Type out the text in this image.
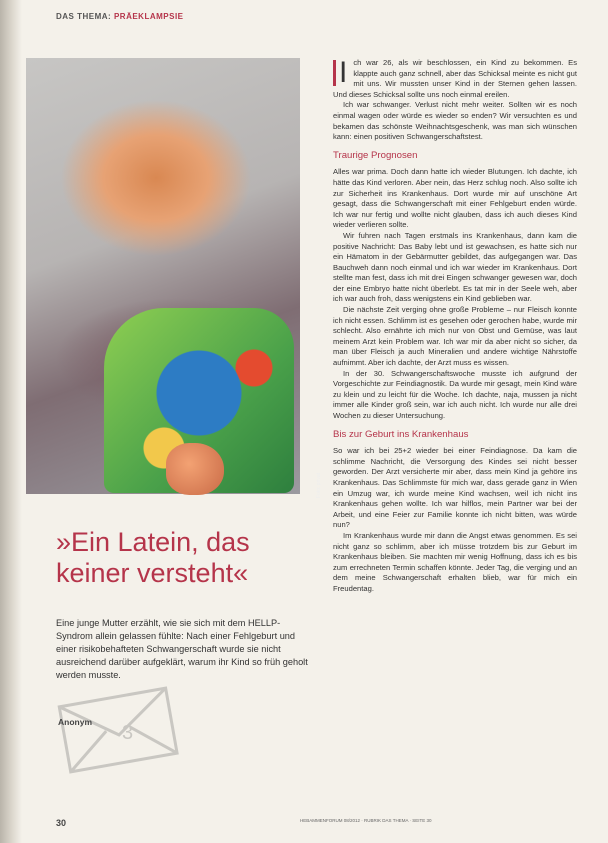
DAS THEMA: PRÄEKLAMPSIE
Foto: privat
»Ein Latein, das keiner versteht«
Eine junge Mutter erzählt, wie sie sich mit dem HELLP-Syndrom allein gelassen fühlte: Nach einer Fehlgeburt und einer risikobehafteten Schwangerschaft wurde sie nicht ausreichend darüber aufgeklärt, warum ihr Kind so früh geholt werden musste.
3
Anonym

I ch war 26, als wir beschlossen, ein Kind zu bekommen. Es klappte auch ganz schnell, aber das Schicksal meinte es nicht gut mit uns. Wir mussten unser Kind in der Sternen gehen lassen. Und dieses Schicksal sollte uns noch einmal ereilen.

Ich war schwanger. Verlust nicht mehr weiter. Sollten wir es noch einmal wagen oder würde es wieder so enden? Wir versuchten es und bekamen das schönste Weihnachtsgeschenk, was man sich wünschen kann: einen positiven Schwangerschaftstest.

Traurige Prognosen

Alles war prima. Doch dann hatte ich wieder Blutungen. Ich dachte, ich hätte das Kind verloren. Aber nein, das Herz schlug noch. Also sollte ich zur Sicherheit ins Krankenhaus. Dort wurde mir auf unschöne Art gesagt, dass die Schwangerschaft mit einer Fehlgeburt enden würde. Ich war nur fertig und wollte nicht glauben, dass ich auch dieses Kind wieder verlieren sollte.

Wir fuhren nach Tagen erstmals ins Krankenhaus, dann kam die positive Nachricht: Das Baby lebt und ist gewachsen, es hatte sich nur ein Hämatom in der Gebärmutter gebildet, das aufgegangen war. Das Bauchweh dann noch einmal und ich war wieder im Krankenhaus. Dort stellte man fest, dass ich mit drei Eingen schwanger gewesen war, doch der eine Embryo hatte nicht überlebt. Es tat mir in der Seele weh, aber ich war auch froh, dass wenigstens ein Kind geblieben war.

Die nächste Zeit verging ohne große Probleme – nur Fleisch konnte ich nicht essen. Schlimm ist es gesehen oder gerochen habe, wurde mir schlecht. Also ernährte ich mich nur von Obst und Gemüse, was laut meinem Arzt kein Problem war. Ich war mir da aber nicht so sicher, da man über Fleisch ja auch Mineralien und andere wichtige Nährstoffe aufnimmt. Aber ich dachte, der Arzt muss es wissen.

In der 30. Schwangerschaftswoche musste ich aufgrund der Vorgeschichte zur Feindiagnostik. Da wurde mir gesagt, mein Kind wäre zu klein und zu leicht für die Woche. Ich dachte, naja, mussen ja nicht immer alle Kinder groß sein, war ich auch nicht. Ich wurde nur alle drei Wochen zu dieser Untersuchung.

Bis zur Geburt ins Krankenhaus

So war ich bei 25+2 wieder bei einer Feindiagnose. Da kam die schlimme Nachricht, die Versorgung des Kindes sei nicht besser geworden. Der Arzt versicherte mir aber, dass mein Kind ja gehöre ins Krankenhaus. Das Schlimmste für mich war, dass gerade ganz in Wien ein Umzug war, ich wurde meine Kind wachsen, weil ich nicht ins Krankenhaus gehen wollte. Ich war hilflos, mein Partner war bei der Arbeit, und eine Feier zur Familie konnte ich nicht bitten, was würde nun?

Im Krankenhaus wurde mir dann die Angst etwas genommen. Es sei nicht ganz so schlimm, aber ich müsse trotzdem bis zur Geburt im Krankenhaus bleiben. Sie machten mir wenig Hoffnung, dass ich es bis zum errechneten Termin schaffen könnte. Jeder Tag, die verging und an dem meine Schwangerschaft erhalten blieb, war für mich ein Freudentag.

30	HEBAMMENFORUM 08/2012 · RUBRIK DAS THEMA · SEITE 30
